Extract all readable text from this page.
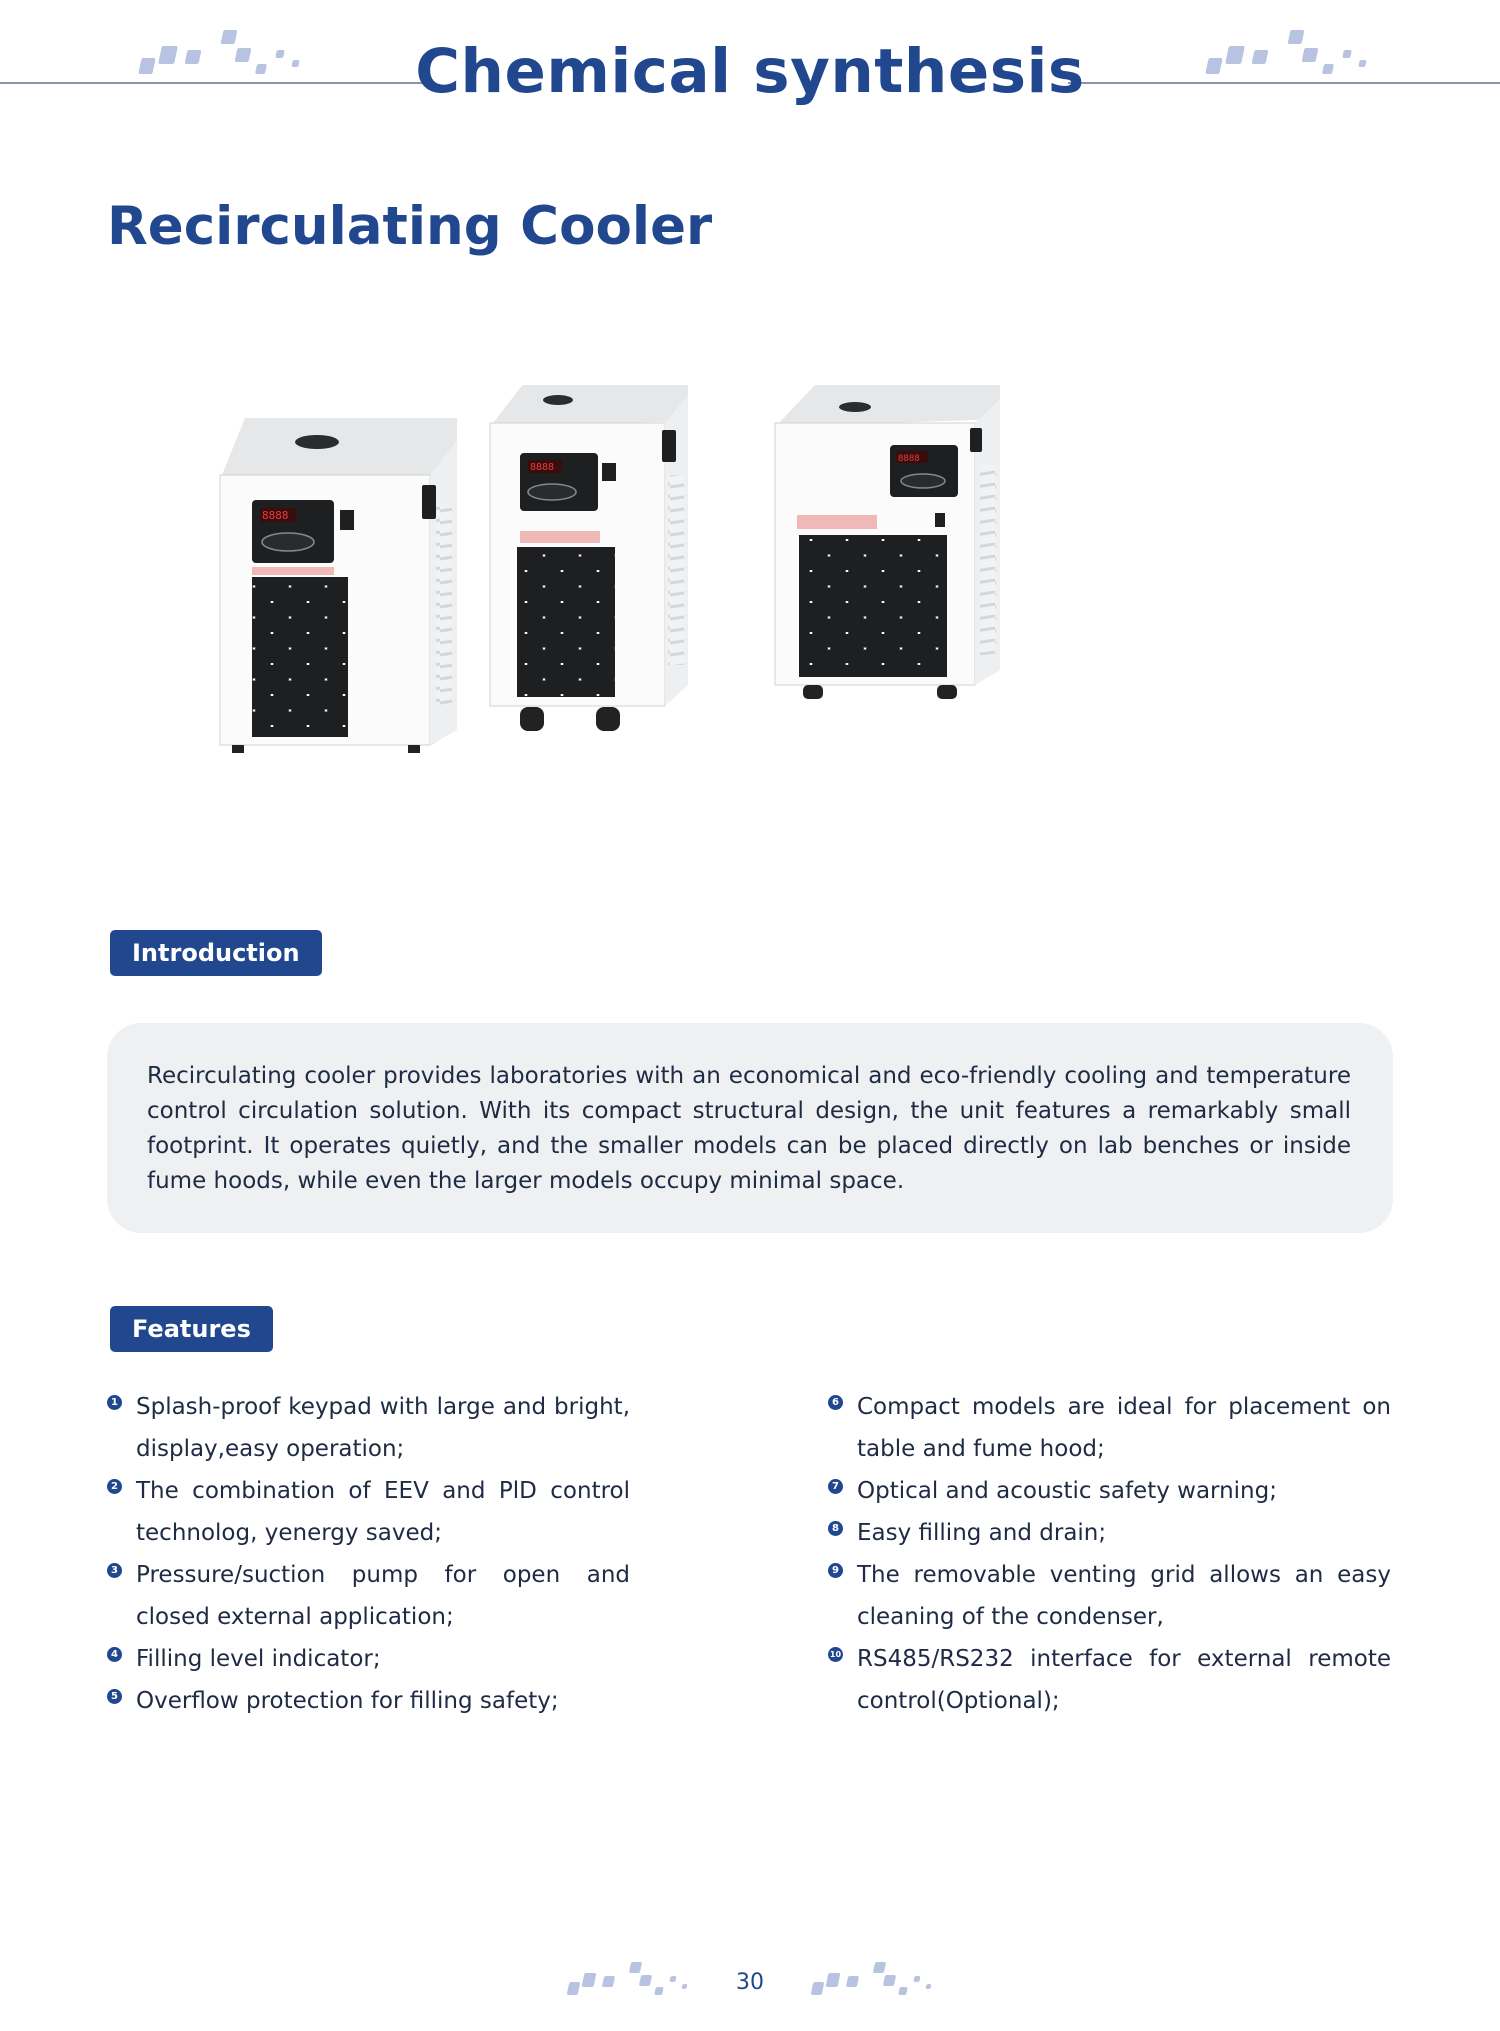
Chemical synthesis
Recirculating Cooler
8888
8888
8888
Introduction

Recirculating cooler provides laboratories with an economical and eco-friendly cooling and temperature control circulation solution. With its compact structural design, the unit features a remarkably small footprint. It operates quietly, and the smaller models can be placed directly on lab benches or inside fume hoods, while even the larger models occupy minimal space.

Features
1 Splash-proof keypad with large and bright, display,easy operation;
2 The combination of EEV and PlD control technolog, yenergy saved;
3 Pressure/suction pump for open and closed external application;
4 Filling level indicator;
5 Overflow protection for filling safety;
6 Compact models are ideal for placement on table and fume hood;
7 Optical and acoustic safety warning;
8 Easy filling and drain;
9 The removable venting grid allows an easy cleaning of the condenser,
10 RS485/RS232 interface for external remote control(Optional);
30
